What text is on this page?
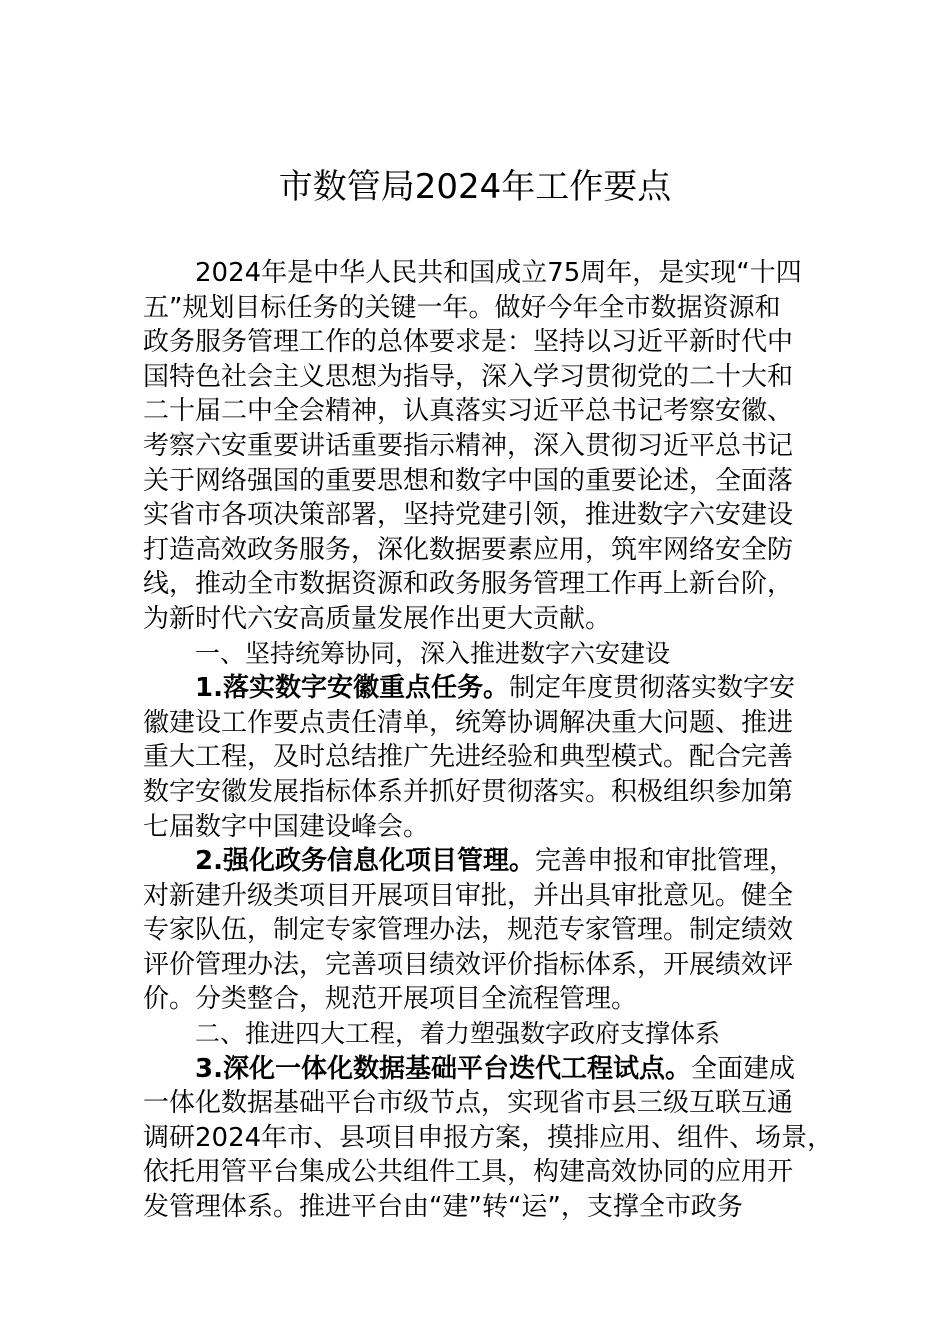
市数管局2024年工作要点
2024年是中华人民共和国成立75周年，是实现“十四
五”规划目标任务的关键一年。做好今年全市数据资源和
政务服务管理工作的总体要求是：坚持以习近平新时代中
国特色社会主义思想为指导，深入学习贯彻党的二十大和
二十届二中全会精神，认真落实习近平总书记考察安徽、
考察六安重要讲话重要指示精神，深入贯彻习近平总书记
关于网络强国的重要思想和数字中国的重要论述，全面落
实省市各项决策部署，坚持党建引领，推进数字六安建设
打造高效政务服务，深化数据要素应用，筑牢网络安全防
线，推动全市数据资源和政务服务管理工作再上新台阶，
为新时代六安高质量发展作出更大贡献。
一、坚持统筹协同，深入推进数字六安建设
1.落实数字安徽重点任务。制定年度贯彻落实数字安
徽建设工作要点责任清单，统筹协调解决重大问题、推进
重大工程，及时总结推广先进经验和典型模式。配合完善
数字安徽发展指标体系并抓好贯彻落实。积极组织参加第
七届数字中国建设峰会。
2.强化政务信息化项目管理。完善申报和审批管理，
对新建升级类项目开展项目审批，并出具审批意见。健全
专家队伍，制定专家管理办法，规范专家管理。制定绩效
评价管理办法，完善项目绩效评价指标体系，开展绩效评
价。分类整合，规范开展项目全流程管理。
二、推进四大工程，着力塑强数字政府支撑体系
3.深化一体化数据基础平台迭代工程试点。全面建成
一体化数据基础平台市级节点，实现省市县三级互联互通
调研2024年市、县项目申报方案，摸排应用、组件、场景，
依托用管平台集成公共组件工具，构建高效协同的应用开
发管理体系。推进平台由“建”转“运”，支撑全市政务
